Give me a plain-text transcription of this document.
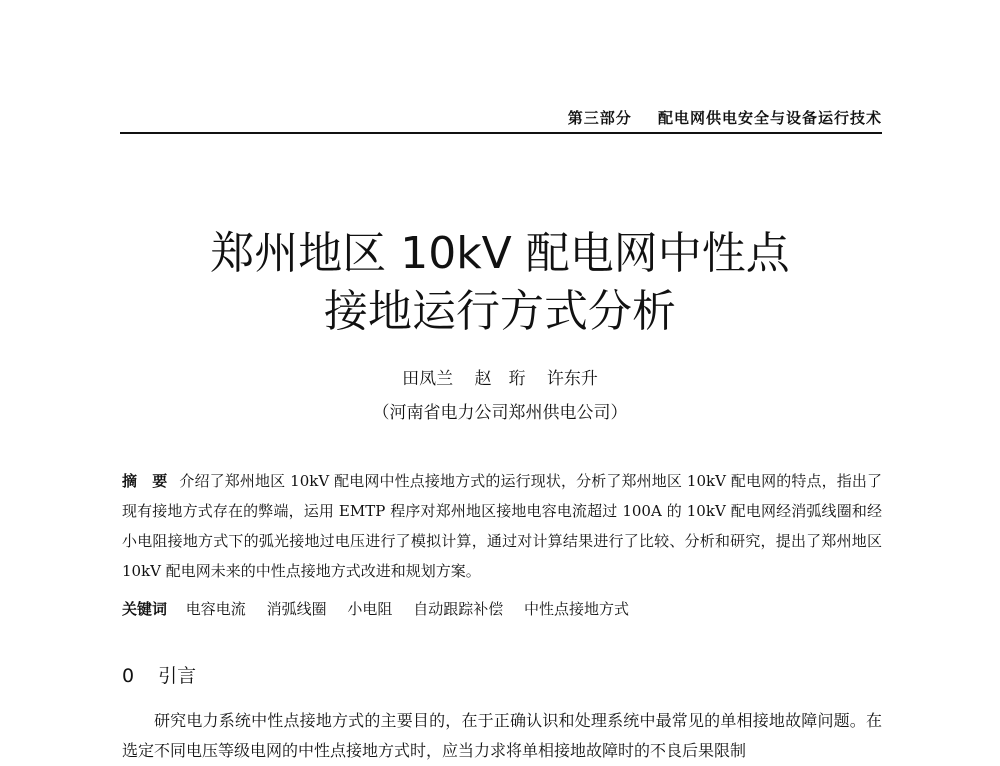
第三部分 配电网供电安全与设备运行技术
郑州地区 10kV 配电网中性点
接地运行方式分析
田凤兰 赵　珩 许东升
（河南省电力公司郑州供电公司）
摘　要 介绍了郑州地区 10kV 配电网中性点接地方式的运行现状，分析了郑州地区 10kV 配电网的特点，指出了现有接地方式存在的弊端，运用 EMTP 程序对郑州地区接地电容电流超过 100A 的 10kV 配电网经消弧线圈和经小电阻接地方式下的弧光接地过电压进行了模拟计算，通过对计算结果进行了比较、分析和研究，提出了郑州地区 10kV 配电网未来的中性点接地方式改进和规划方案。
关键词 电容电流 消弧线圈 小电阻 自动跟踪补偿 中性点接地方式
0 引言
研究电力系统中性点接地方式的主要目的，在于正确认识和处理系统中最常见的单相接地故障问题。在选定不同电压等级电网的中性点接地方式时，应当力求将单相接地故障时的不良后果限制
